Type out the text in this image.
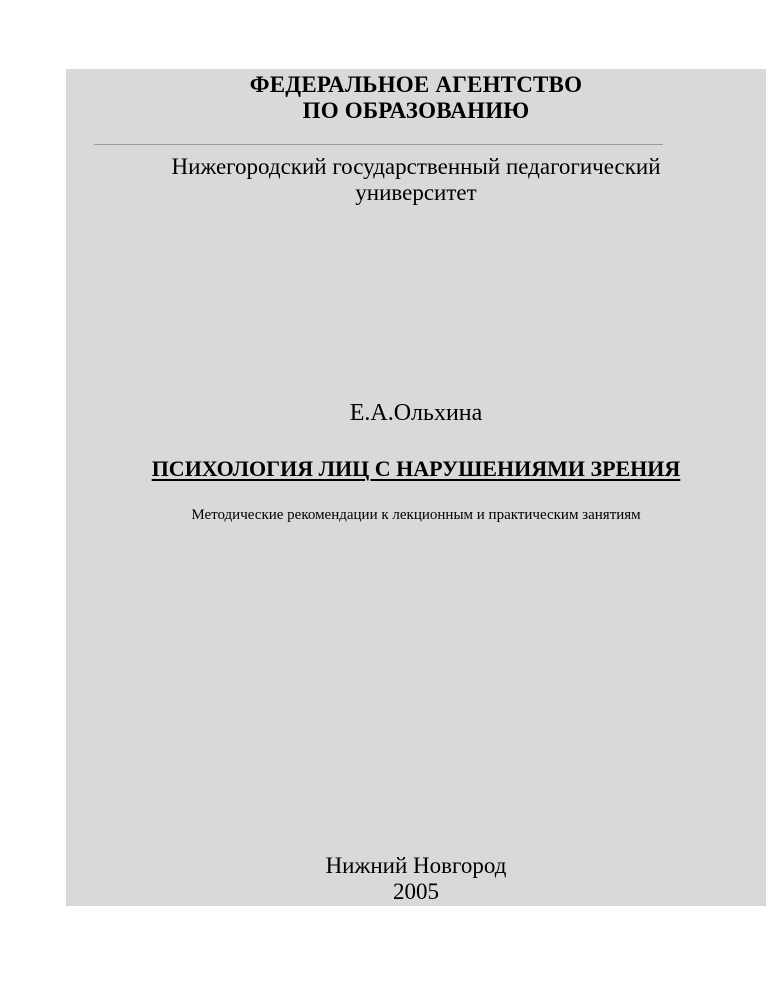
ФЕДЕРАЛЬНОЕ АГЕНТСТВО
ПО ОБРАЗОВАНИЮ
Нижегородский государственный педагогический
университет
Е.А.Ольхина
ПСИХОЛОГИЯ ЛИЦ С НАРУШЕНИЯМИ ЗРЕНИЯ
Методические рекомендации к лекционным и практическим занятиям
Нижний Новгород
2005
